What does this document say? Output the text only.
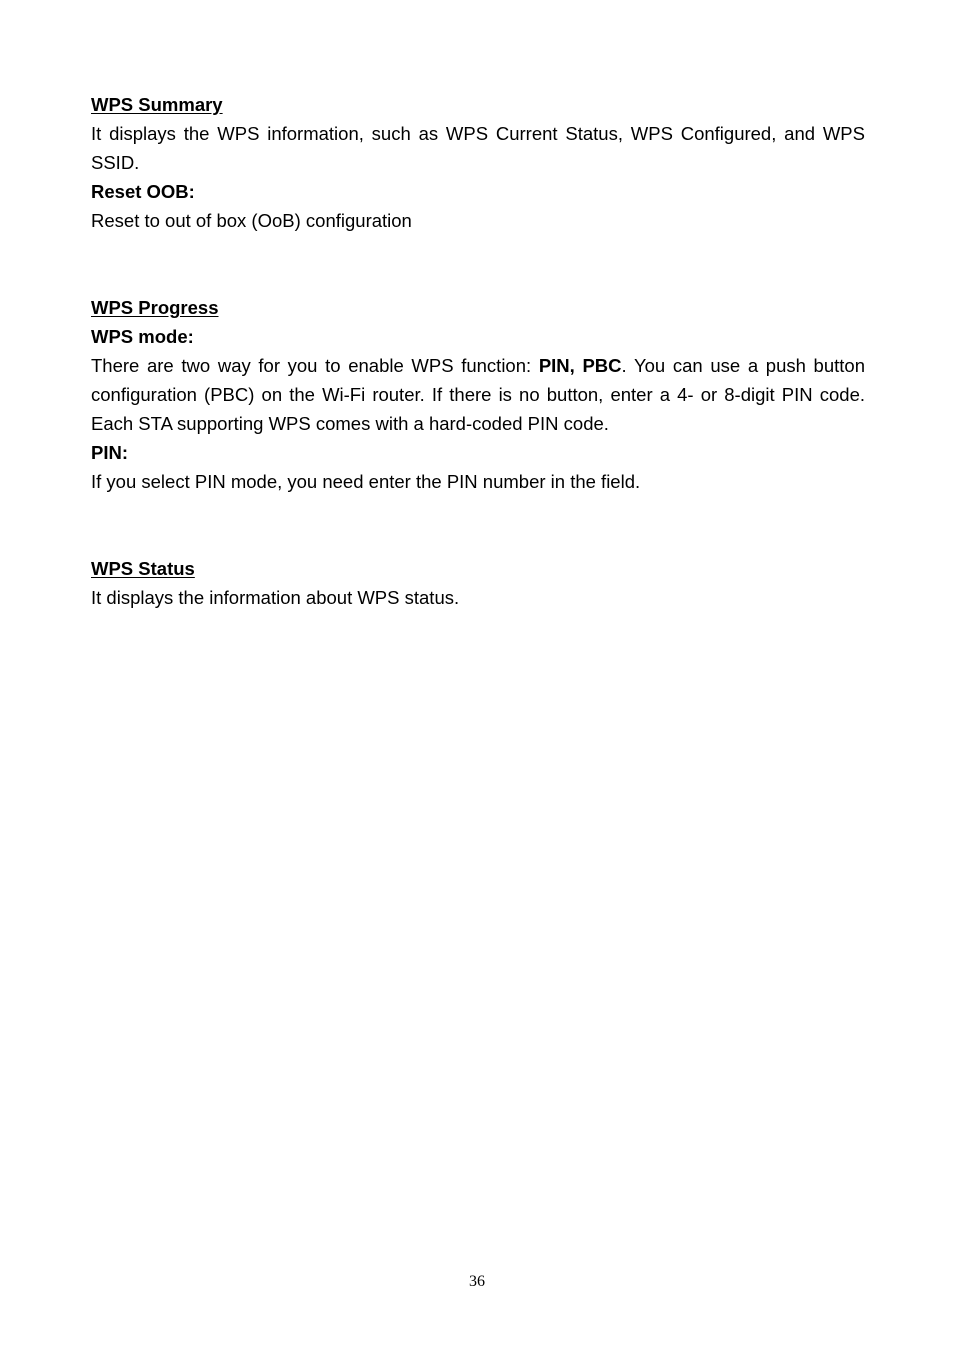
WPS Summary

It displays the WPS information, such as WPS Current Status, WPS Configured, and WPS SSID.

Reset OOB:

Reset to out of box (OoB) configuration

WPS Progress

WPS mode:

There are two way for you to enable WPS function: PIN, PBC. You can use a push button configuration (PBC) on the Wi-Fi router. If there is no button, enter a 4- or 8-digit PIN code. Each STA supporting WPS comes with a hard-coded PIN code.

PIN:

If you select PIN mode, you need enter the PIN number in the field.

WPS Status

It displays the information about WPS status.

36
